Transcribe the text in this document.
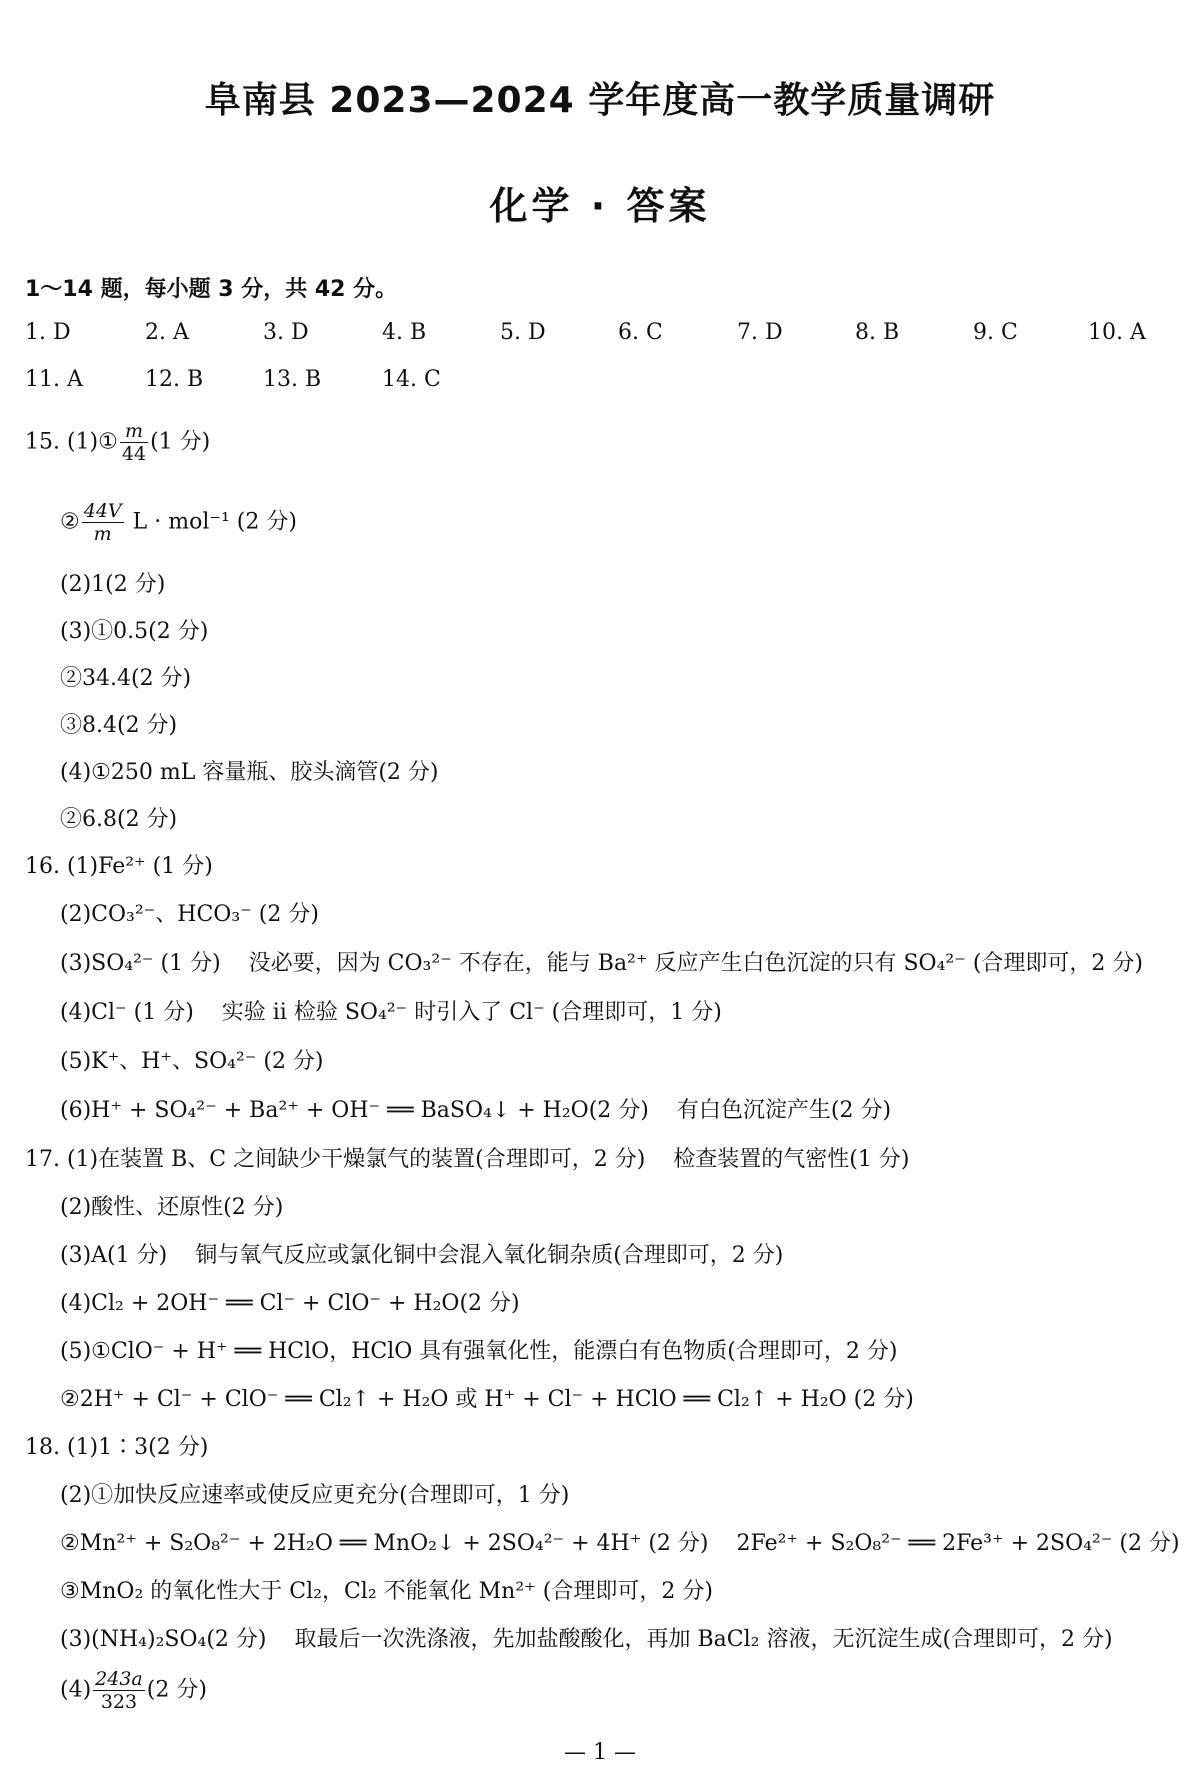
阜南县 2023—2024 学年度高一教学质量调研
化学 · 答案
1～14 题，每小题 3 分，共 42 分。
1. D	2. A	3. D	4. B	5. D	6. C	7. D	8. B	9. C	10. A
11. A	12. B	13. B	14. C
15. (1)① $\frac{m}{44} (1$ 分)
② $\frac{44V}{m}$ L · mol⁻¹ (2 分)
(2)1(2 分)
(3)①0.5(2 分)
②34.4(2 分)
③8.4(2 分)
(4)①250 mL 容量瓶、胶头滴管(2 分)
②6.8(2 分)
16. (1)Fe²⁺ (1 分)
(2)CO₃²⁻、HCO₃⁻ (2 分)
(3)SO₄²⁻ (1 分) 没必要，因为 CO₃²⁻ 不存在，能与 Ba²⁺ 反应产生白色沉淀的只有 SO₄²⁻ (合理即可，2 分)
(4)Cl⁻ (1 分) 实验 ⅱ 检验 SO₄²⁻ 时引入了 Cl⁻ (合理即可，1 分)
(5)K⁺、H⁺、SO₄²⁻ (2 分)
(6)H⁺ + SO₄²⁻ + Ba²⁺ + OH⁻ ══ BaSO₄↓ + H₂O(2 分) 有白色沉淀产生(2 分)
17. (1)在装置 B、C 之间缺少干燥氯气的装置(合理即可，2 分) 检查装置的气密性(1 分)
(2)酸性、还原性(2 分)
(3)A(1 分) 铜与氧气反应或氯化铜中会混入氧化铜杂质(合理即可，2 分)
(4)Cl₂ + 2OH⁻ ══ Cl⁻ + ClO⁻ + H₂O(2 分)
(5)①ClO⁻ + H⁺ ══ HClO，HClO 具有强氧化性，能漂白有色物质(合理即可，2 分)
②2H⁺ + Cl⁻ + ClO⁻ ══ Cl₂↑ + H₂O 或 H⁺ + Cl⁻ + HClO ══ Cl₂↑ + H₂O (2 分)
18. (1)1∶3(2 分)
(2)①加快反应速率或使反应更充分(合理即可，1 分)
②Mn²⁺ + S₂O₈²⁻ + 2H₂O ══ MnO₂↓ + 2SO₄²⁻ + 4H⁺ (2 分) 2Fe²⁺ + S₂O₈²⁻ ══ 2Fe³⁺ + 2SO₄²⁻ (2 分)
③MnO₂ 的氧化性大于 Cl₂，Cl₂ 不能氧化 Mn²⁺ (合理即可，2 分)
(3)(NH₄)₂SO₄(2 分) 取最后一次洗涤液，先加盐酸酸化，再加 BaCl₂ 溶液，无沉淀生成(合理即可，2 分)
$(4) \frac{243a}{323} (2$ 分)
— 1 —
